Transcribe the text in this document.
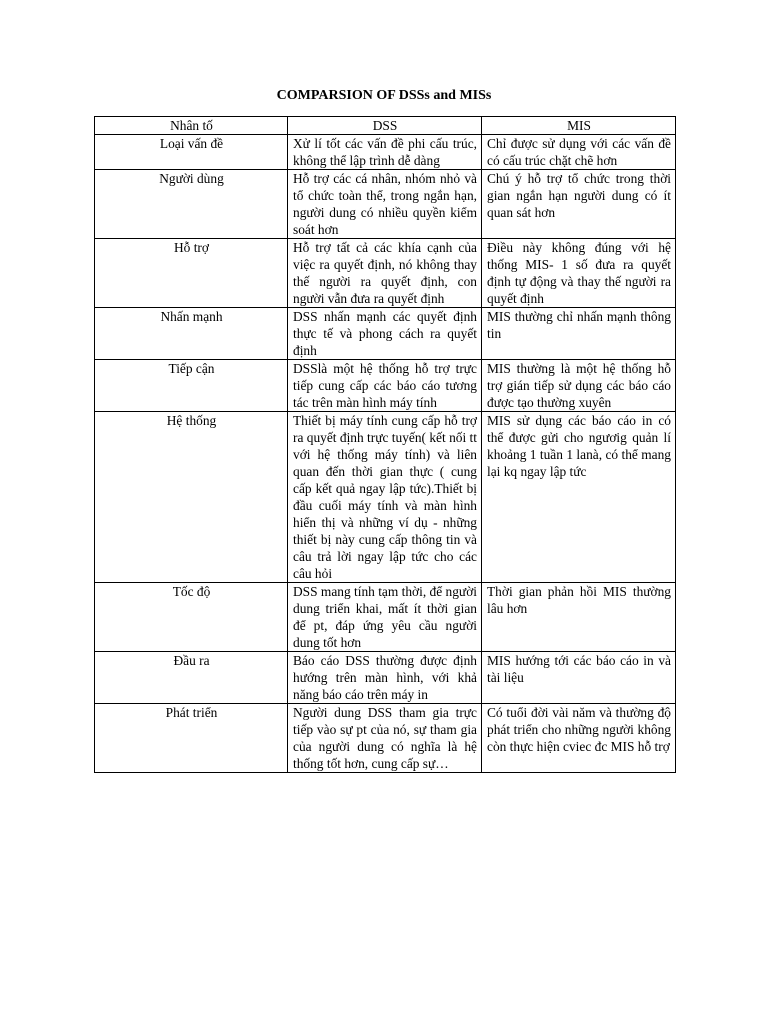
COMPARSION OF DSSs and MISs
Nhân tố	DSS	MIS
Loại vấn đề	Xử lí tốt các vấn đề phi cấu trúc, không thể lập trình dễ dàng	Chỉ được sử dụng với các vấn đề có cấu trúc chặt chẽ hơn
Người dùng	Hỗ trợ các cá nhân, nhóm nhỏ và tổ chức toàn thể, trong ngắn hạn, người dung có nhiều quyền kiểm soát hơn	Chú ý hỗ trợ tổ chức trong thời gian ngắn hạn người dung có ít quan sát hơn
Hỗ trợ	Hỗ trợ tất cả các khía cạnh của việc ra quyết định, nó không thay thế người ra quyết định, con người vẫn đưa ra quyết định	Điều này không đúng với hệ thống MIS- 1 số đưa ra quyết định tự động và thay thế người ra quyết định
Nhấn mạnh	DSS nhấn mạnh các quyết định thực tế và phong cách ra quyết định	MIS thường chỉ nhấn mạnh thông tin
Tiếp cận	DSSlà một hệ thống hỗ trợ trực tiếp cung cấp các báo cáo tương tác trên màn hình máy tính	MIS thường là một hệ thống hỗ trợ gián tiếp sử dụng các báo cáo được tạo thường xuyên
Hệ thống	Thiết bị máy tính cung cấp hỗ trợ ra quyết định trực tuyến( kết nối tt với hệ thống máy tính) và liên quan đến thời gian thực ( cung cấp kết quả ngay lập tức).Thiết bị đầu cuối máy tính và màn hình hiển thị và những ví dụ - những thiết bị này cung cấp thông tin và câu trả lời ngay lập tức cho các câu hỏi	MIS sử dụng các báo cáo in có thể được gửi cho ngươig quản lí khoảng 1 tuần 1 lanà, có thể mang lại kq ngay lập tức
Tốc độ	DSS mang tính tạm thời, để người dung triển khai, mất ít thời gian để pt, đáp ứng yêu cầu người dung tốt hơn	Thời gian phản hồi MIS thường lâu hơn
Đầu ra	Báo cáo DSS thường được định hướng trên màn hình, với khả năng báo cáo trên máy in	MIS hướng tới các báo cáo in và tài liệu
Phát triển	Người dung DSS tham gia trực tiếp vào sự pt của nó, sự tham gia của người dung có nghĩa là hệ thống tốt hơn, cung cấp sự…	Có tuổi đời vài năm và thường độ phát triển cho những người không còn thực hiện cviec đc MIS hỗ trợ
